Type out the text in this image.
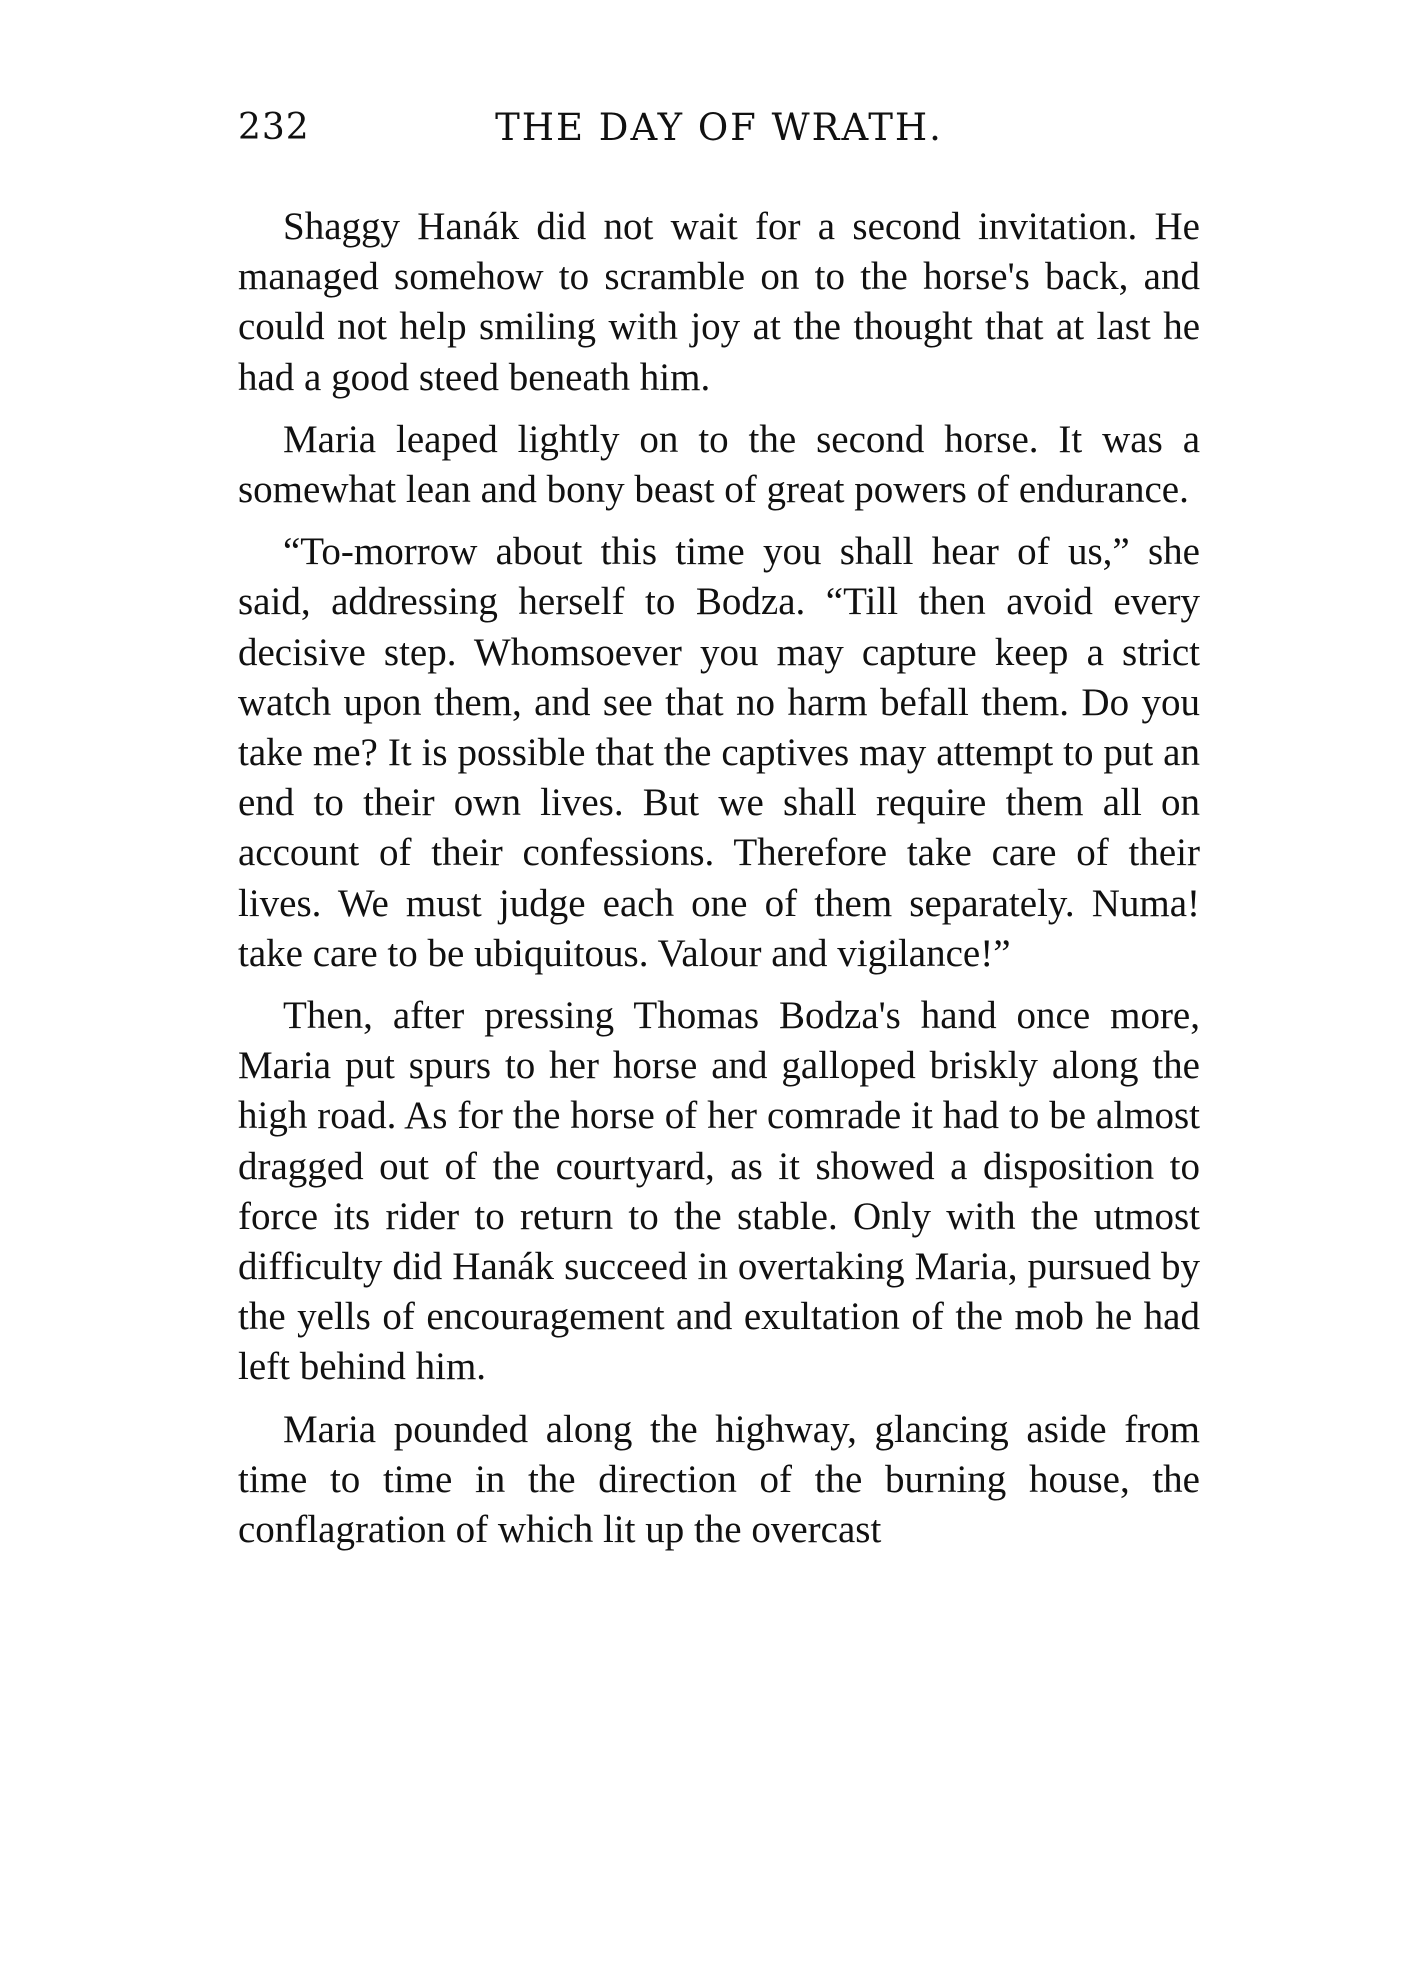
232	THE DAY OF WRATH.

Shaggy Hanák did not wait for a second invitation. He managed somehow to scramble on to the horse's back, and could not help smiling with joy at the thought that at last he had a good steed beneath him.

Maria leaped lightly on to the second horse. It was a somewhat lean and bony beast of great powers of endurance.

“To-morrow about this time you shall hear of us,” she said, addressing herself to Bodza. “Till then avoid every decisive step. Whomsoever you may capture keep a strict watch upon them, and see that no harm befall them. Do you take me? It is possible that the captives may attempt to put an end to their own lives. But we shall require them all on account of their confessions. Therefore take care of their lives. We must judge each one of them separately. Numa! take care to be ubiquitous. Valour and vigilance!”

Then, after pressing Thomas Bodza's hand once more, Maria put spurs to her horse and galloped briskly along the high road. As for the horse of her comrade it had to be almost dragged out of the courtyard, as it showed a disposition to force its rider to return to the stable. Only with the utmost difficulty did Hanák succeed in overtaking Maria, pursued by the yells of encouragement and exultation of the mob he had left behind him.

Maria pounded along the highway, glancing aside from time to time in the direction of the burning house, the conflagration of which lit up the overcast
